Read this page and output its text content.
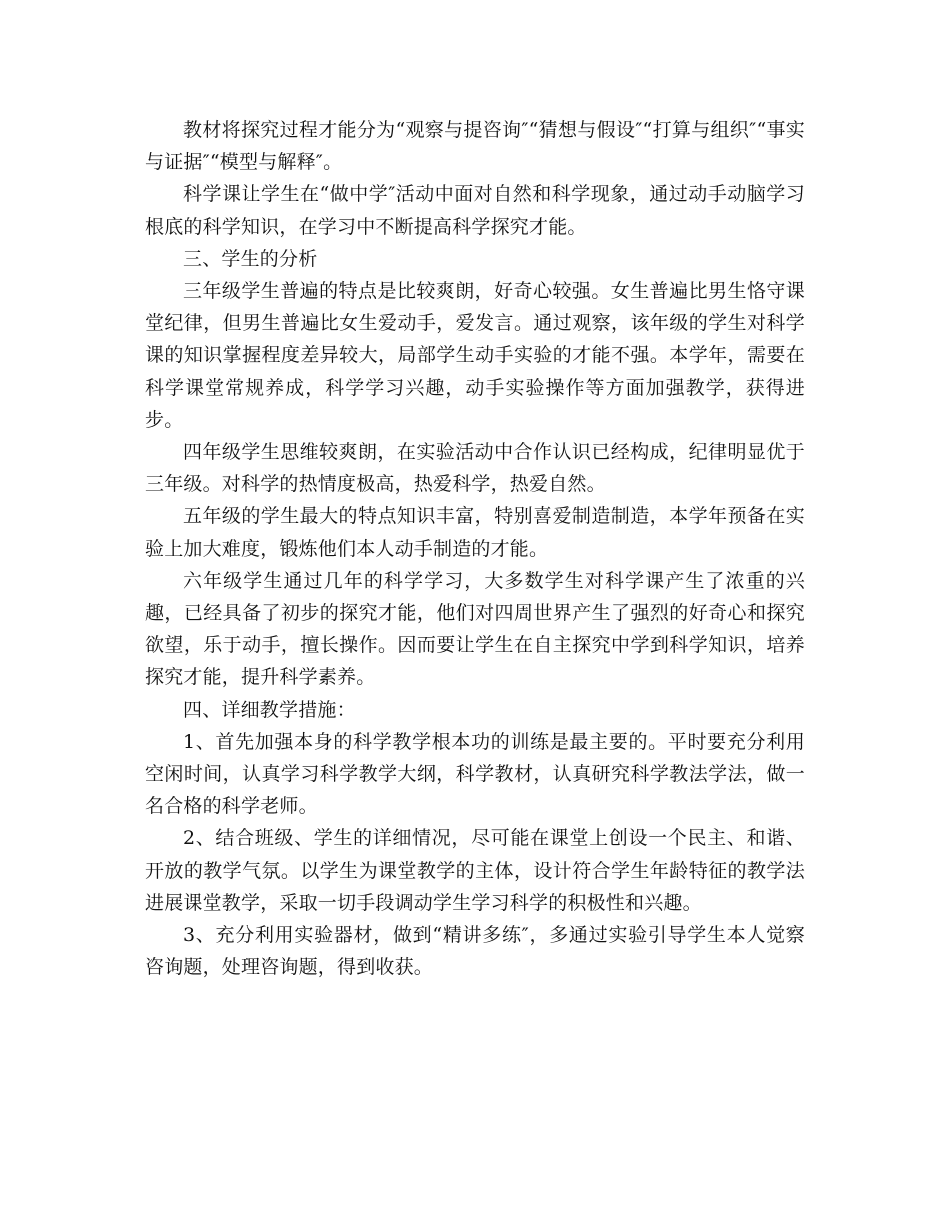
教材将探究过程才能分为“观察与提咨询″“猜想与假设″“打算与组织″“事实与证据″“模型与解释″。

科学课让学生在“做中学″活动中面对自然和科学现象，通过动手动脑学习根底的科学知识，在学习中不断提高科学探究才能。

三、学生的分析

三年级学生普遍的特点是比较爽朗，好奇心较强。女生普遍比男生恪守课堂纪律，但男生普遍比女生爱动手，爱发言。通过观察，该年级的学生对科学课的知识掌握程度差异较大，局部学生动手实验的才能不强。本学年，需要在科学课堂常规养成，科学学习兴趣，动手实验操作等方面加强教学，获得进步。

四年级学生思维较爽朗，在实验活动中合作认识已经构成，纪律明显优于三年级。对科学的热情度极高，热爱科学，热爱自然。

五年级的学生最大的特点知识丰富，特别喜爱制造制造，本学年预备在实验上加大难度，锻炼他们本人动手制造的才能。

六年级学生通过几年的科学学习，大多数学生对科学课产生了浓重的兴趣，已经具备了初步的探究才能，他们对四周世界产生了强烈的好奇心和探究欲望，乐于动手，擅长操作。因而要让学生在自主探究中学到科学知识，培养探究才能，提升科学素养。

四、详细教学措施：

1、首先加强本身的科学教学根本功的训练是最主要的。平时要充分利用空闲时间，认真学习科学教学大纲，科学教材，认真研究科学教法学法，做一名合格的科学老师。

2、结合班级、学生的详细情况，尽可能在课堂上创设一个民主、和谐、开放的教学气氛。以学生为课堂教学的主体，设计符合学生年龄特征的教学法进展课堂教学，采取一切手段调动学生学习科学的积极性和兴趣。

3、充分利用实验器材，做到“精讲多练″，多通过实验引导学生本人觉察咨询题，处理咨询题，得到收获。
